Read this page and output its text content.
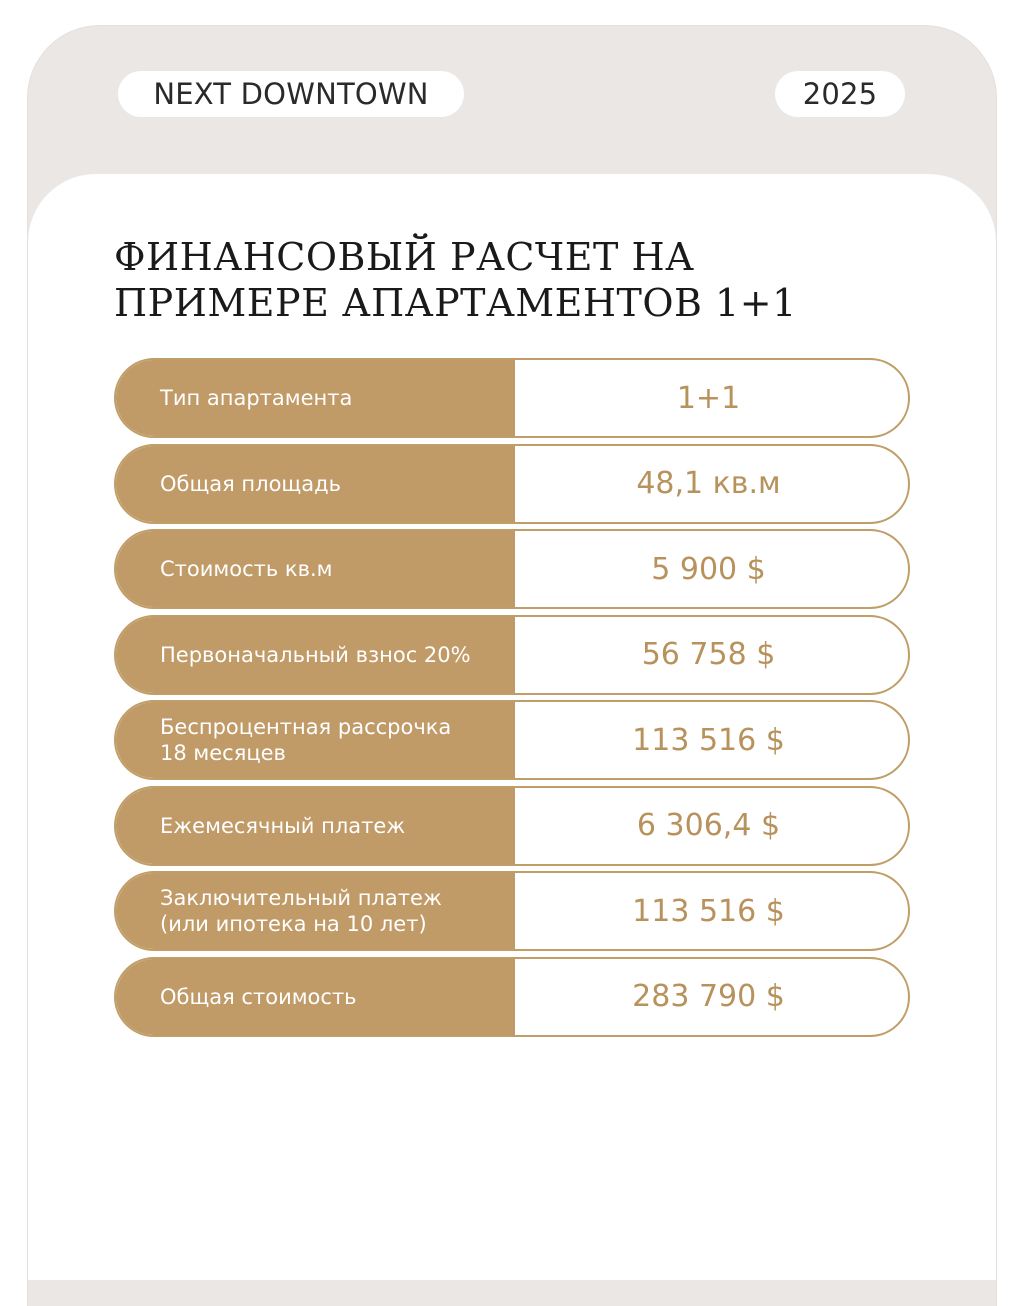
NEXT DOWNTOWN	2025
ФИНАНСОВЫЙ РАСЧЕТ НА ПРИМЕРЕ АПАРТАМЕНТОВ 1+1
Тип апартамента	1+1
Общая площадь	48,1 кв.м
Стоимость кв.м	5 900 $
Первоначальный взнос 20%	56 758 $
Беспроцентная рассрочка
18 месяцев	113 516 $
Ежемесячный платеж	6 306,4 $
Заключительный платеж
(или ипотека на 10 лет)	113 516 $
Общая стоимость	283 790 $
